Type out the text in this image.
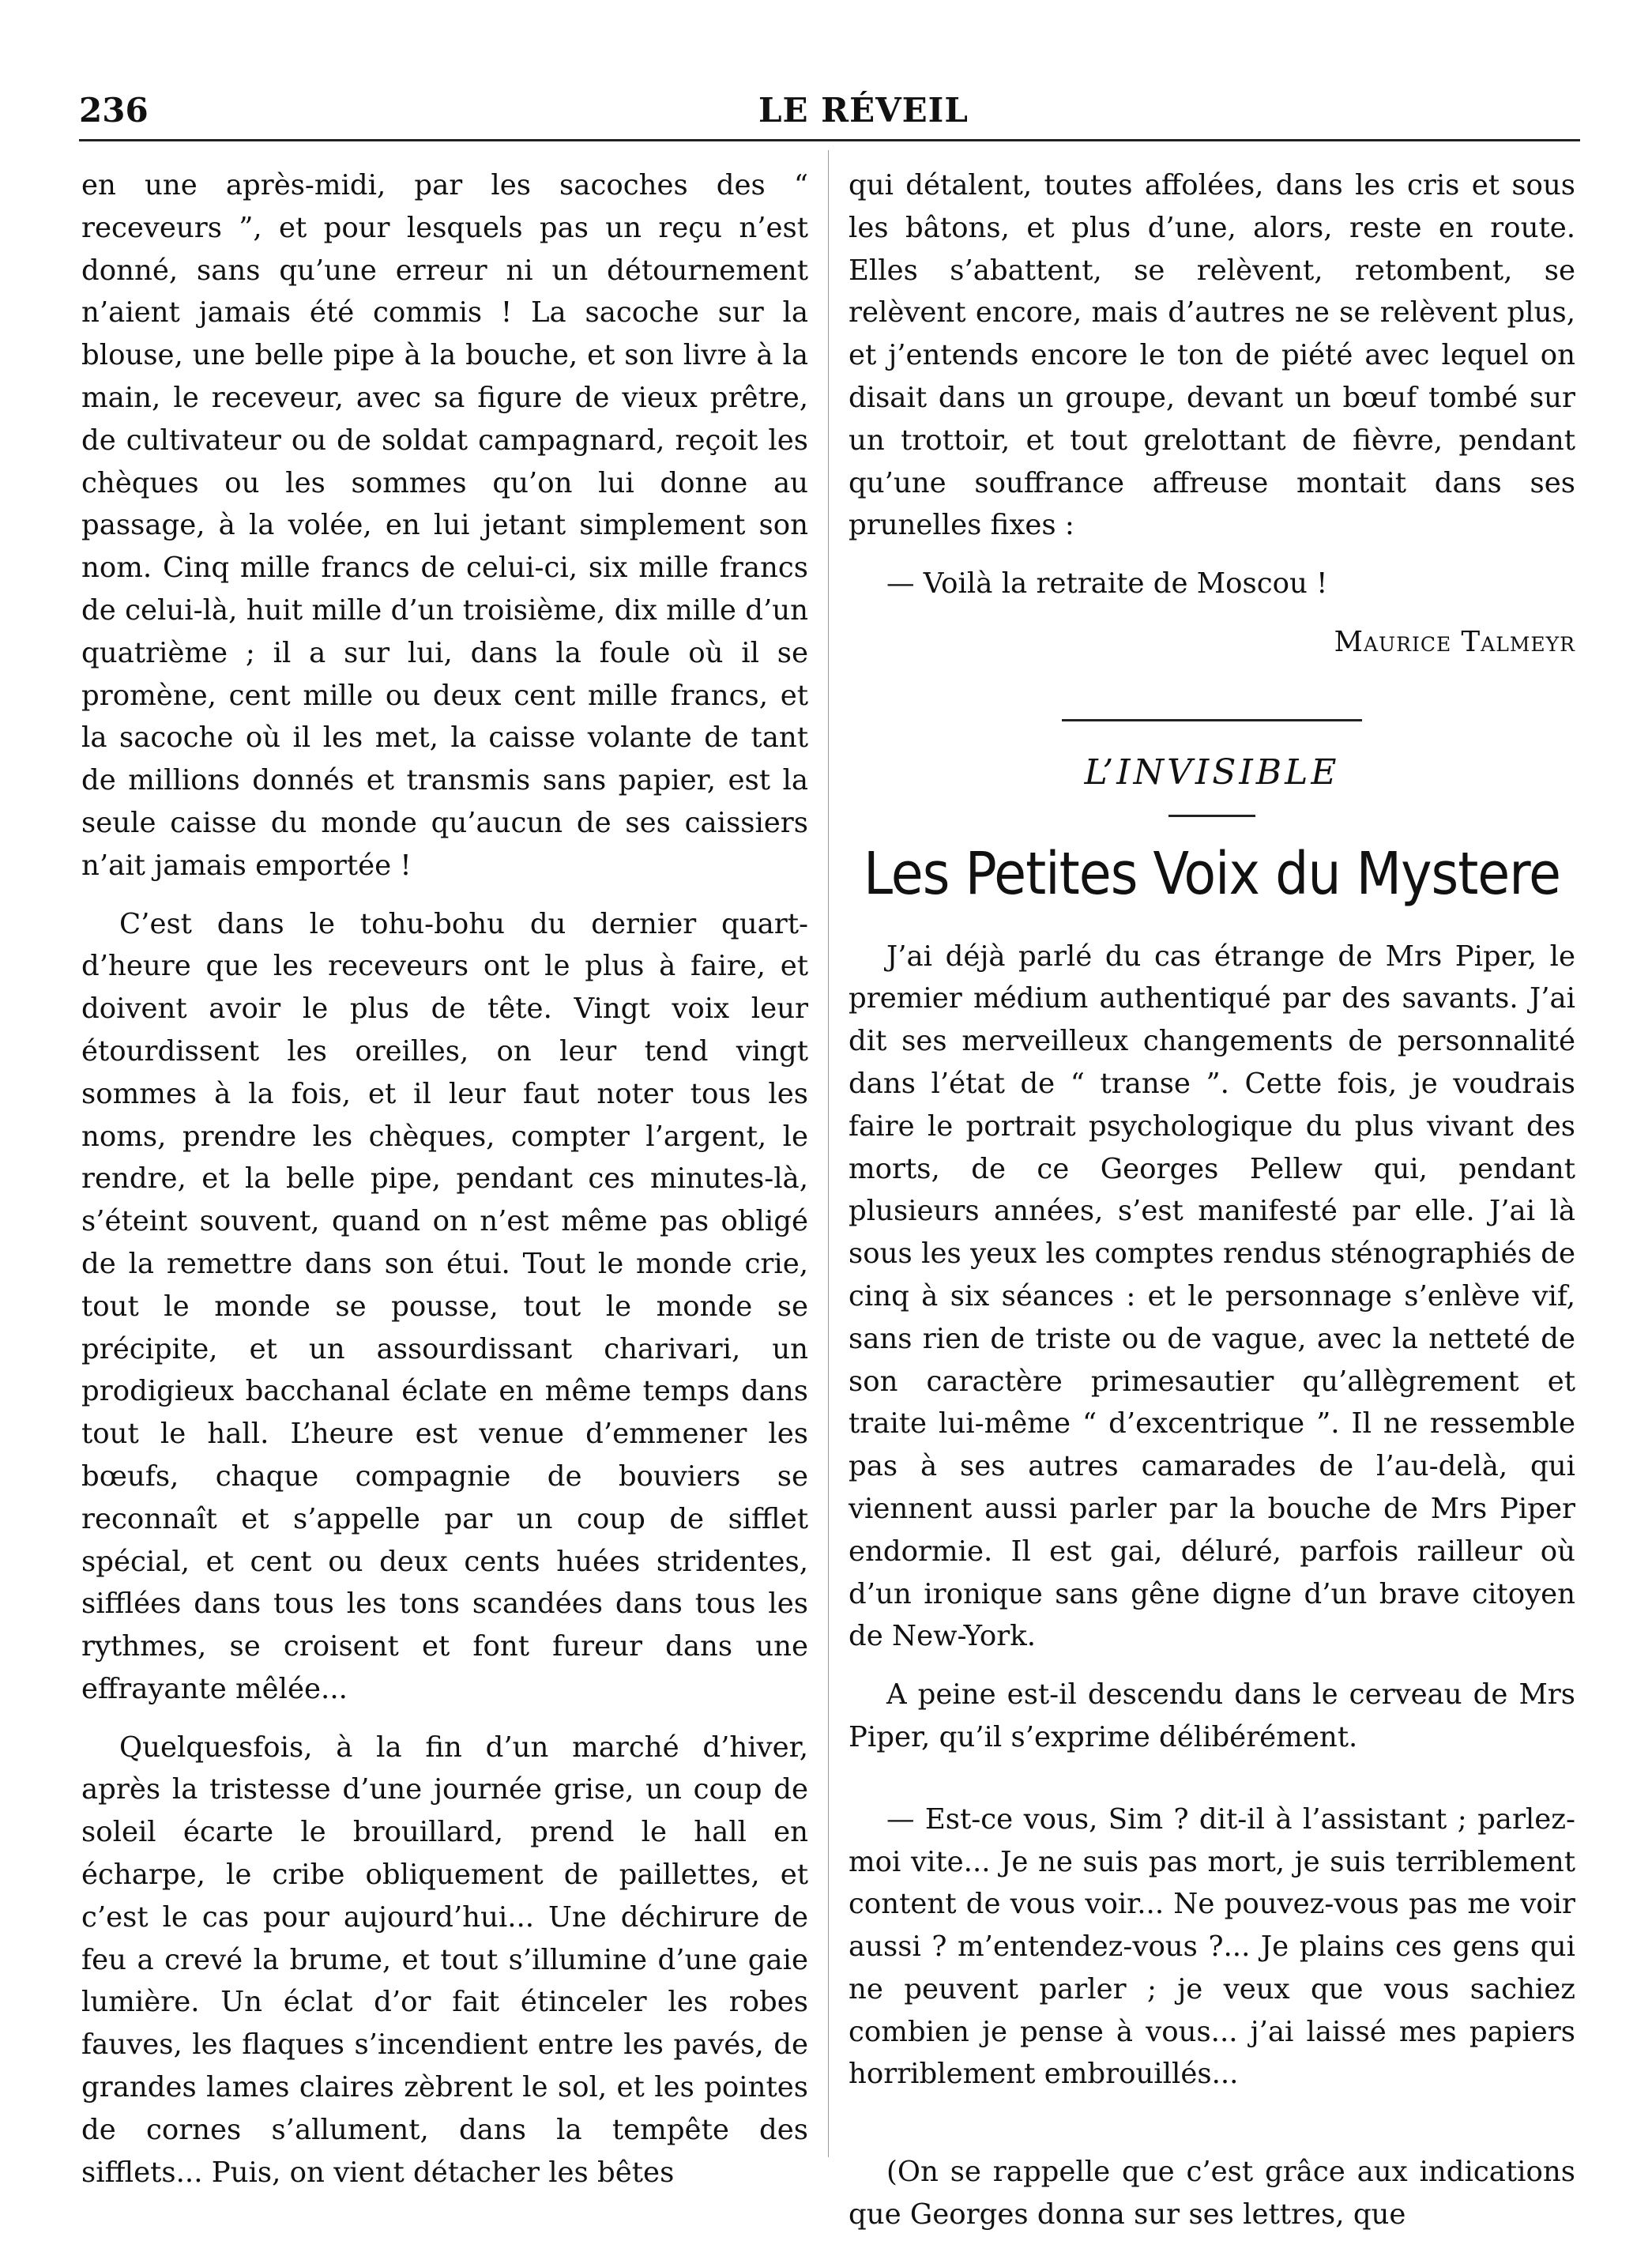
236	LE RÉVEIL

en une après-midi, par les sacoches des “ receveurs ”, et pour lesquels pas un reçu n’est donné, sans qu’une erreur ni un détournement n’aient jamais été commis ! La sacoche sur la blouse, une belle pipe à la bouche, et son livre à la main, le receveur, avec sa figure de vieux prêtre, de cultivateur ou de soldat campagnard, reçoit les chèques ou les sommes qu’on lui donne au passage, à la volée, en lui jetant simplement son nom. Cinq mille francs de celui-ci, six mille francs de celui-là, huit mille d’un troisième, dix mille d’un quatrième ; il a sur lui, dans la foule où il se promène, cent mille ou deux cent mille francs, et la sacoche où il les met, la caisse volante de tant de millions donnés et transmis sans papier, est la seule caisse du monde qu’aucun de ses caissiers n’ait jamais emportée !

C’est dans le tohu-bohu du dernier quart-d’heure que les receveurs ont le plus à faire, et doivent avoir le plus de tête. Vingt voix leur étourdissent les oreilles, on leur tend vingt sommes à la fois, et il leur faut noter tous les noms, prendre les chèques, compter l’argent, le rendre, et la belle pipe, pendant ces minutes-là, s’éteint souvent, quand on n’est même pas obligé de la remettre dans son étui. Tout le monde crie, tout le monde se pousse, tout le monde se précipite, et un assourdissant charivari, un prodigieux bacchanal éclate en même temps dans tout le hall. L’heure est venue d’emmener les bœufs, chaque compagnie de bouviers se reconnaît et s’appelle par un coup de sifflet spécial, et cent ou deux cents huées stridentes, sifflées dans tous les tons scandées dans tous les rythmes, se croisent et font fureur dans une effrayante mêlée...

Quelquesfois, à la fin d’un marché d’hiver, après la tristesse d’une journée grise, un coup de soleil écarte le brouillard, prend le hall en écharpe, le cribe obliquement de paillettes, et c’est le cas pour aujourd’hui... Une déchirure de feu a crevé la brume, et tout s’illumine d’une gaie lumière. Un éclat d’or fait étinceler les robes fauves, les flaques s’incendient entre les pavés, de grandes lames claires zèbrent le sol, et les pointes de cornes s’allument, dans la tempête des sifflets... Puis, on vient détacher les bêtes

qui détalent, toutes affolées, dans les cris et sous les bâtons, et plus d’une, alors, reste en route. Elles s’abattent, se relèvent, retombent, se relèvent encore, mais d’autres ne se relèvent plus, et j’entends encore le ton de piété avec lequel on disait dans un groupe, devant un bœuf tombé sur un trottoir, et tout grelottant de fièvre, pendant qu’une souffrance affreuse montait dans ses prunelles fixes :

— Voilà la retraite de Moscou !

Maurice Talmeyr

L’INVISIBLE

Les Petites Voix du Mystere

J’ai déjà parlé du cas étrange de Mrs Piper, le premier médium authentiqué par des savants. J’ai dit ses merveilleux changements de personnalité dans l’état de “ transe ”. Cette fois, je voudrais faire le portrait psychologique du plus vivant des morts, de ce Georges Pellew qui, pendant plusieurs années, s’est manifesté par elle. J’ai là sous les yeux les comptes rendus sténographiés de cinq à six séances : et le personnage s’enlève vif, sans rien de triste ou de vague, avec la netteté de son caractère primesautier qu’allègrement et traite lui-même “ d’excentrique ”. Il ne ressemble pas à ses autres camarades de l’au-delà, qui viennent aussi parler par la bouche de Mrs Piper endormie. Il est gai, déluré, parfois railleur où d’un ironique sans gêne digne d’un brave citoyen de New-York.

A peine est-il descendu dans le cerveau de Mrs Piper, qu’il s’exprime délibérément.

— Est-ce vous, Sim ? dit-il à l’assistant ; parlez-moi vite... Je ne suis pas mort, je suis terriblement content de vous voir... Ne pouvez-vous pas me voir aussi ? m’entendez-vous ?... Je plains ces gens qui ne peuvent parler ; je veux que vous sachiez combien je pense à vous... j’ai laissé mes papiers horriblement embrouillés...

(On se rappelle que c’est grâce aux indications que Georges donna sur ses lettres, que
